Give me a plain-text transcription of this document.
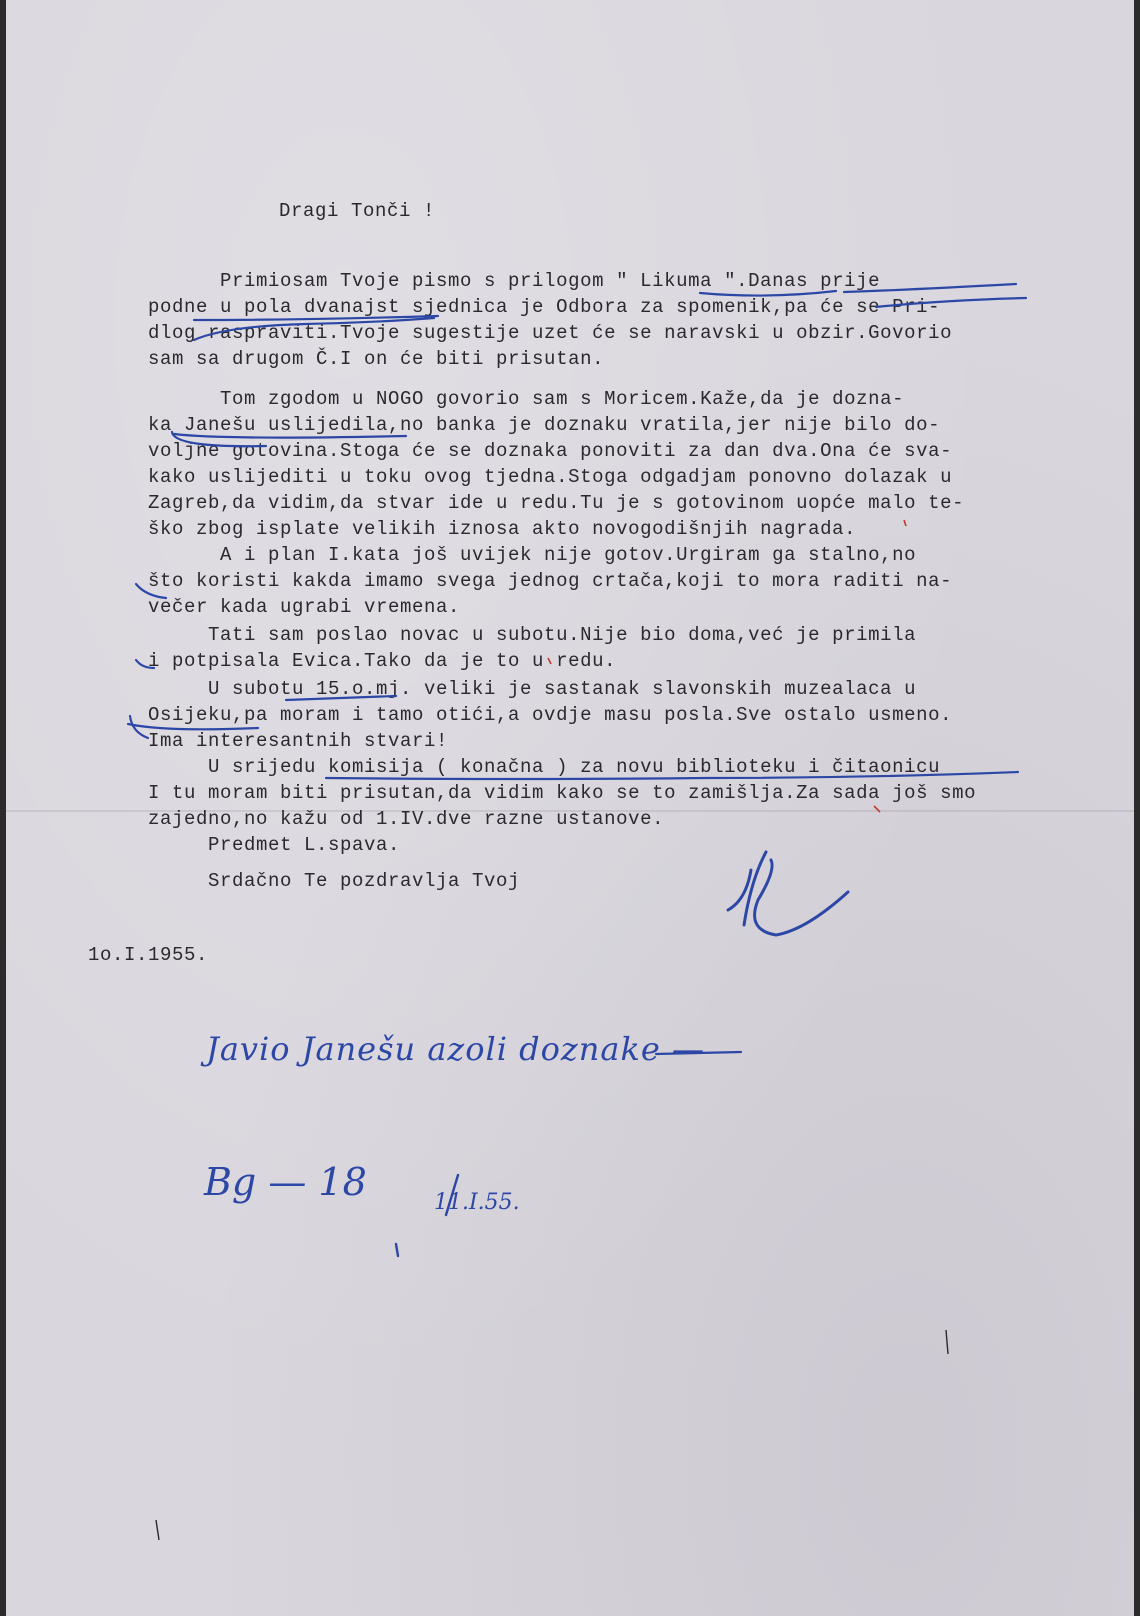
Dragi Tonči !
Primiosam Tvoje pismo s prilogom " Likuma ".Danas prije
podne u pola dvanajst sjednica je Odbora za spomenik,pa će se Pri-
dlog raspraviti.Tvoje sugestije uzet će se naravski u obzir.Govorio
sam sa drugom Č.I on će biti prisutan.
Tom zgodom u NOGO govorio sam s Moricem.Kaže,da je dozna-
ka Janešu uslijedila,no banka je doznaku vratila,jer nije bilo do-
voljne gotovina.Stoga će se doznaka ponoviti za dan dva.Ona će sva-
kako uslijediti u toku ovog tjedna.Stoga odgadjam ponovno dolazak u
Zagreb,da vidim,da stvar ide u redu.Tu je s gotovinom uopće malo te-
ško zbog isplate velikih iznosa akto novogodišnjih nagrada.
A i plan I.kata još uvijek nije gotov.Urgiram ga stalno,no
što koristi kakda imamo svega jednog crtača,koji to mora raditi na-
večer kada ugrabi vremena.
Tati sam poslao novac u subotu.Nije bio doma,već je primila
i potpisala Evica.Tako da je to u redu.
U subotu 15.o.mj. veliki je sastanak slavonskih muzealaca u
Osijeku,pa moram i tamo otići,a ovdje masu posla.Sve ostalo usmeno.
Ima interesantnih stvari!
U srijedu komisija ( konačna ) za novu biblioteku i čitaonicu
I tu moram biti prisutan,da vidim kako se to zamišlja.Za sada još smo
zajedno,no kažu od 1.IV.dve razne ustanove.
Predmet L.spava.
Srdačno Te pozdravlja Tvoj
1o.I.1955.
Javio Janešu azoli doznake —
Bg — 18	11.I.55.
